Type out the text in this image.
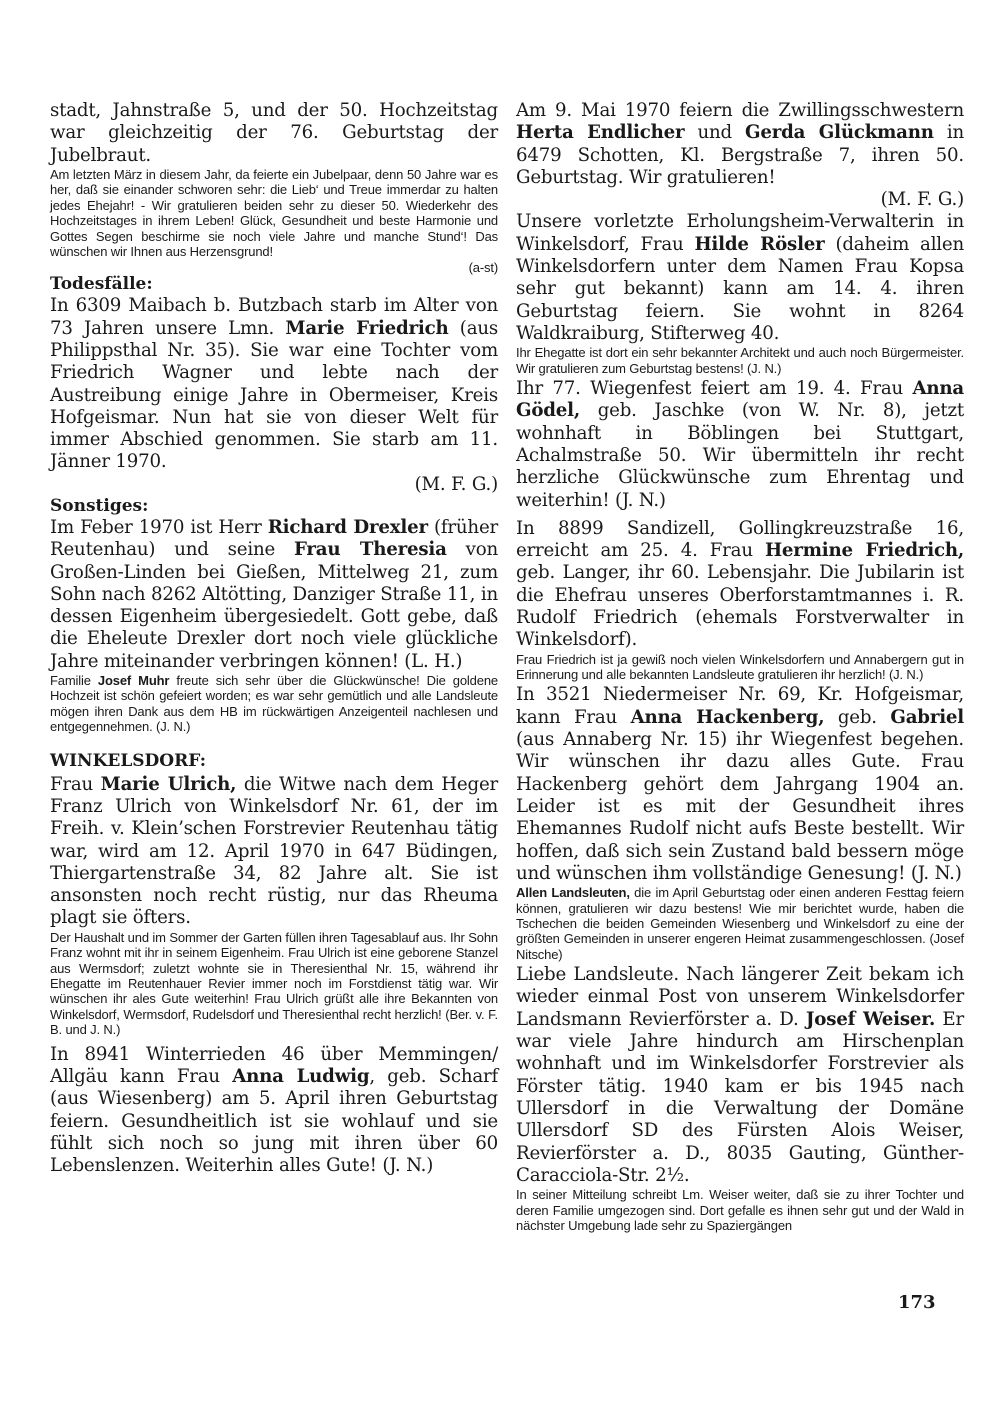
stadt, Jahnstraße 5, und der 50. Hochzeitstag war gleichzeitig der 76. Geburtstag der Jubelbraut.

Am letzten März in diesem Jahr, da feierte ein Jubelpaar, denn 50 Jahre war es her, daß sie einander schworen sehr: die Lieb‘ und Treue immerdar zu halten jedes Ehejahr! - Wir gratulieren beiden sehr zu dieser 50. Wiederkehr des Hochzeitstages in ihrem Leben! Glück, Gesundheit und beste Harmonie und Gottes Segen beschirme sie noch viele Jahre und manche Stund‘! Das wünschen wir Ihnen aus Herzensgrund!

(a-st)

Todesfälle:

In 6309 Maibach b. Butzbach starb im Alter von 73 Jahren unsere Lmn. Marie Friedrich (aus Philippsthal Nr. 35). Sie war eine Tochter vom Friedrich Wagner und lebte nach der Austreibung einige Jahre in Obermeiser, Kreis Hofgeismar. Nun hat sie von dieser Welt für immer Abschied genommen. Sie starb am 11. Jänner 1970.

(M. F. G.)

Sonstiges:

Im Feber 1970 ist Herr Richard Drexler (früher Reutenhau) und seine Frau Theresia von Großen-Linden bei Gießen, Mittelweg 21, zum Sohn nach 8262 Altötting, Danziger Straße 11, in dessen Eigenheim übergesiedelt. Gott gebe, daß die Eheleute Drexler dort noch viele glückliche Jahre miteinander verbringen können! (L. H.)

Familie Josef Muhr freute sich sehr über die Glückwünsche! Die goldene Hochzeit ist schön gefeiert worden; es war sehr gemütlich und alle Landsleute mögen ihren Dank aus dem HB im rückwärtigen Anzeigenteil nachlesen und entgegennehmen. (J. N.)

WINKELSDORF:

Frau Marie Ulrich, die Witwe nach dem Heger Franz Ulrich von Winkelsdorf Nr. 61, der im Freih. v. Klein’schen Forstrevier Reutenhau tätig war, wird am 12. April 1970 in 647 Büdingen, Thiergartenstraße 34, 82 Jahre alt. Sie ist ansonsten noch recht rüstig, nur das Rheuma plagt sie öfters.

Der Haushalt und im Sommer der Garten füllen ihren Tagesablauf aus. Ihr Sohn Franz wohnt mit ihr in seinem Eigenheim. Frau Ulrich ist eine geborene Stanzel aus Wermsdorf; zuletzt wohnte sie in Theresienthal Nr. 15, während ihr Ehegatte im Reutenhauer Revier immer noch im Forstdienst tätig war. Wir wünschen ihr ales Gute weiterhin! Frau Ulrich grüßt alle ihre Bekannten von Winkelsdorf, Wermsdorf, Rudelsdorf und Theresienthal recht herzlich! (Ber. v. F. B. und J. N.)

In 8941 Winterrieden 46 über Memmingen/ Allgäu kann Frau Anna Ludwig, geb. Scharf (aus Wiesenberg) am 5. April ihren Geburtstag feiern. Gesundheitlich ist sie wohlauf und sie fühlt sich noch so jung mit ihren über 60 Lebenslenzen. Weiterhin alles Gute! (J. N.)

Am 9. Mai 1970 feiern die Zwillingsschwestern Herta Endlicher und Gerda Glückmann in 6479 Schotten, Kl. Bergstraße 7, ihren 50. Geburtstag. Wir gratulieren!

(M. F. G.)

Unsere vorletzte Erholungsheim-Verwalterin in Winkelsdorf, Frau Hilde Rösler (daheim allen Winkelsdorfern unter dem Namen Frau Kopsa sehr gut bekannt) kann am 14. 4. ihren Geburtstag feiern. Sie wohnt in 8264 Waldkraiburg, Stifterweg 40.

Ihr Ehegatte ist dort ein sehr bekannter Architekt und auch noch Bürgermeister. Wir gratulieren zum Geburtstag bestens! (J. N.)

Ihr 77. Wiegenfest feiert am 19. 4. Frau Anna Gödel, geb. Jaschke (von W. Nr. 8), jetzt wohnhaft in Böblingen bei Stuttgart, Achalmstraße 50. Wir übermitteln ihr recht herzliche Glückwünsche zum Ehrentag und weiterhin! (J. N.)

In 8899 Sandizell, Gollingkreuzstraße 16, erreicht am 25. 4. Frau Hermine Friedrich, geb. Langer, ihr 60. Lebensjahr. Die Jubilarin ist die Ehefrau unseres Oberforstamtmannes i. R. Rudolf Friedrich (ehemals Forstverwalter in Winkelsdorf).

Frau Friedrich ist ja gewiß noch vielen Winkelsdorfern und Annabergern gut in Erinnerung und alle bekannten Landsleute gratulieren ihr herzlich! (J. N.)

In 3521 Niedermeiser Nr. 69, Kr. Hofgeismar, kann Frau Anna Hackenberg, geb. Gabriel (aus Annaberg Nr. 15) ihr Wiegenfest begehen. Wir wünschen ihr dazu alles Gute. Frau Hackenberg gehört dem Jahrgang 1904 an. Leider ist es mit der Gesundheit ihres Ehemannes Rudolf nicht aufs Beste bestellt. Wir hoffen, daß sich sein Zustand bald bessern möge und wünschen ihm vollständige Genesung! (J. N.)

Allen Landsleuten, die im April Geburtstag oder einen anderen Festtag feiern können, gratulieren wir dazu bestens! Wie mir berichtet wurde, haben die Tschechen die beiden Gemeinden Wiesenberg und Winkelsdorf zu eine der größten Gemeinden in unserer engeren Heimat zusammengeschlossen. (Josef Nitsche)

Liebe Landsleute. Nach längerer Zeit bekam ich wieder einmal Post von unserem Winkelsdorfer Landsmann Revierförster a. D. Josef Weiser. Er war viele Jahre hindurch am Hirschenplan wohnhaft und im Winkelsdorfer Forstrevier als Förster tätig. 1940 kam er bis 1945 nach Ullersdorf in die Verwaltung der Domäne Ullersdorf SD des Fürsten Alois Weiser, Revierförster a. D., 8035 Gauting, Günther-Caracciola-Str. 2½.

In seiner Mitteilung schreibt Lm. Weiser weiter, daß sie zu ihrer Tochter und deren Familie umgezogen sind. Dort gefalle es ihnen sehr gut und der Wald in nächster Umgebung lade sehr zu Spaziergängen

173
